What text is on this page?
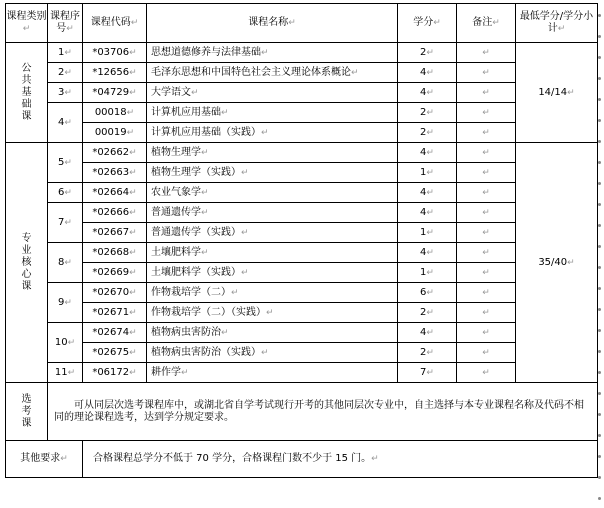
课程类别↵	课程序号↵	课程代码↵	课程名称↵	学分↵	备注↵	最低学分/学分小计↵
公
共
基
础
课	1↵	*03706↵	思想道德修养与法律基础↵	2↵	↵	14/14↵
	2↵	*12656↵	毛泽东思想和中国特色社会主义理论体系概论↵	4↵	↵	
	3↵	*04729↵	大学语文↵	4↵	↵	
	4↵	00018↵	计算机应用基础↵	2↵	↵	
		00019↵	计算机应用基础（实践）↵	2↵	↵	
专
业
核
心
课	5↵	*02662↵	植物生理学↵	4↵	↵	35/40↵
		*02663↵	植物生理学（实践）↵	1↵	↵	
	6↵	*02664↵	农业气象学↵	4↵	↵	
	7↵	*02666↵	普通遗传学↵	4↵	↵	
		*02667↵	普通遗传学（实践）↵	1↵	↵	
	8↵	*02668↵	土壤肥料学↵	4↵	↵	
		*02669↵	土壤肥料学（实践）↵	1↵	↵	
	9↵	*02670↵	作物栽培学（二）↵	6↵	↵	
		*02671↵	作物栽培学（二）（实践）↵	2↵	↵	
	10↵	*02674↵	植物病虫害防治↵	4↵	↵	
		*02675↵	植物病虫害防治（实践）↵	2↵	↵	
	11↵	*06172↵	耕作学↵	7↵	↵	
选
考
课	可从同层次选考课程库中，或湖北省自学考试现行开考的其他同层次专业中，自主选择与本专业课程名称及代码不相同的理论课程选考，达到学分规定要求。					
其他要求↵		合格课程总学分不低于 70 学分，合格课程门数不少于 15 门。↵				
